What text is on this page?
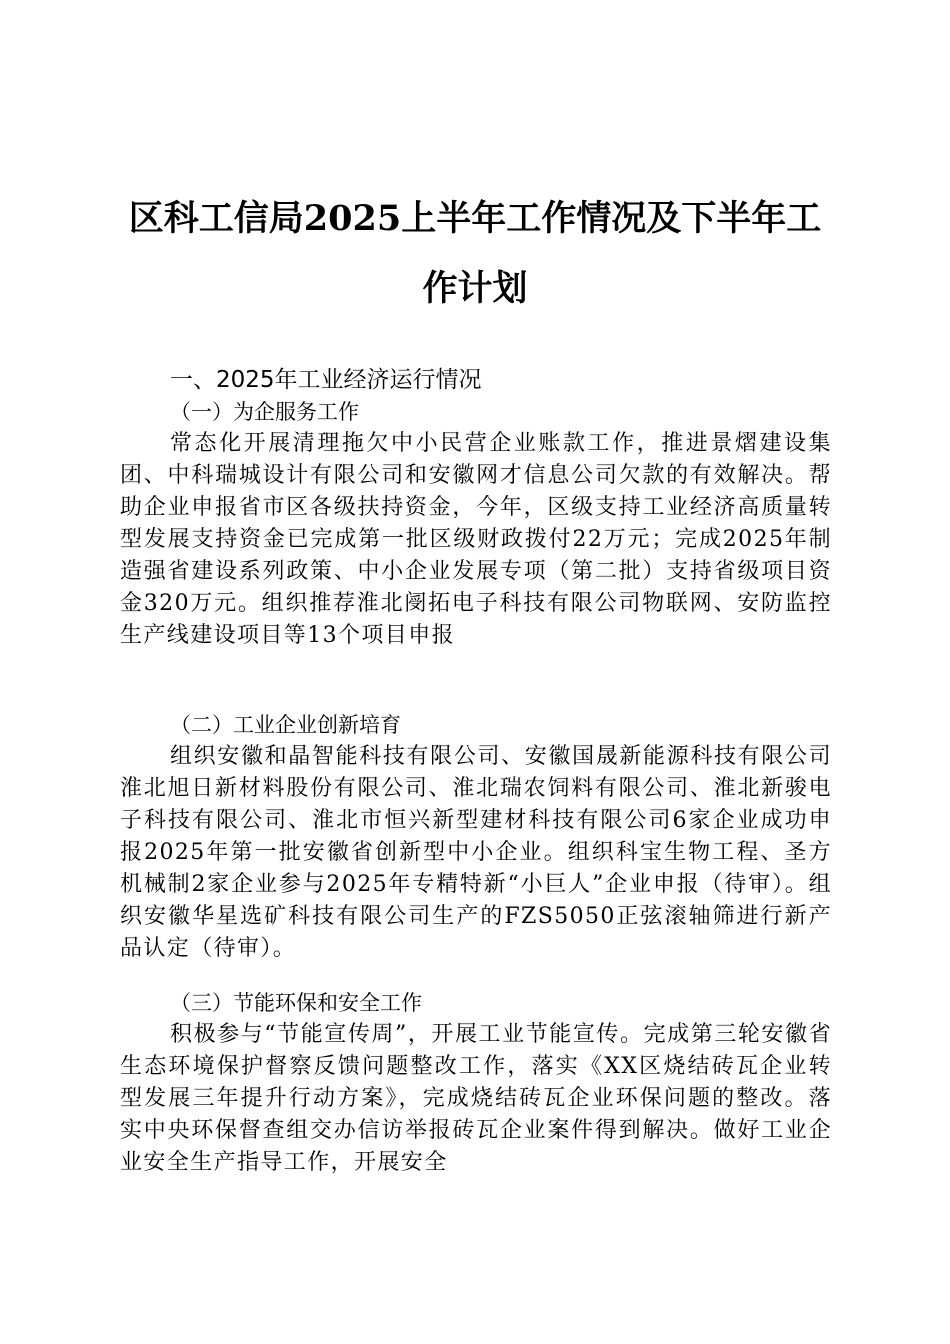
区科工信局2025上半年工作情况及下半年工
作计划
一、2025年工业经济运行情况
（一）为企服务工作

常态化开展清理拖欠中小民营企业账款工作，推进景熠建设集团、中科瑞城设计有限公司和安徽网才信息公司欠款的有效解决。帮助企业申报省市区各级扶持资金，今年，区级支持工业经济高质量转型发展支持资金已完成第一批区级财政拨付22万元；完成2025年制造强省建设系列政策、中小企业发展专项（第二批）支持省级项目资金320万元。组织推荐淮北阌拓电子科技有限公司物联网、安防监控生产线建设项目等13个项目申报

（二）工业企业创新培育

组织安徽和晶智能科技有限公司、安徽国晟新能源科技有限公司淮北旭日新材料股份有限公司、淮北瑞农饲料有限公司、淮北新骏电子科技有限公司、淮北市恒兴新型建材科技有限公司6家企业成功申报2025年第一批安徽省创新型中小企业。组织科宝生物工程、圣方机械制2家企业参与2025年专精特新“小巨人”企业申报（待审）。组织安徽华星选矿科技有限公司生产的FZS5050正弦滚轴筛进行新产品认定（待审）。

（三）节能环保和安全工作

积极参与“节能宣传周”，开展工业节能宣传。完成第三轮安徽省生态环境保护督察反馈问题整改工作，落实《XX区烧结砖瓦企业转型发展三年提升行动方案》，完成烧结砖瓦企业环保问题的整改。落实中央环保督查组交办信访举报砖瓦企业案件得到解决。做好工业企业安全生产指导工作，开展安全
